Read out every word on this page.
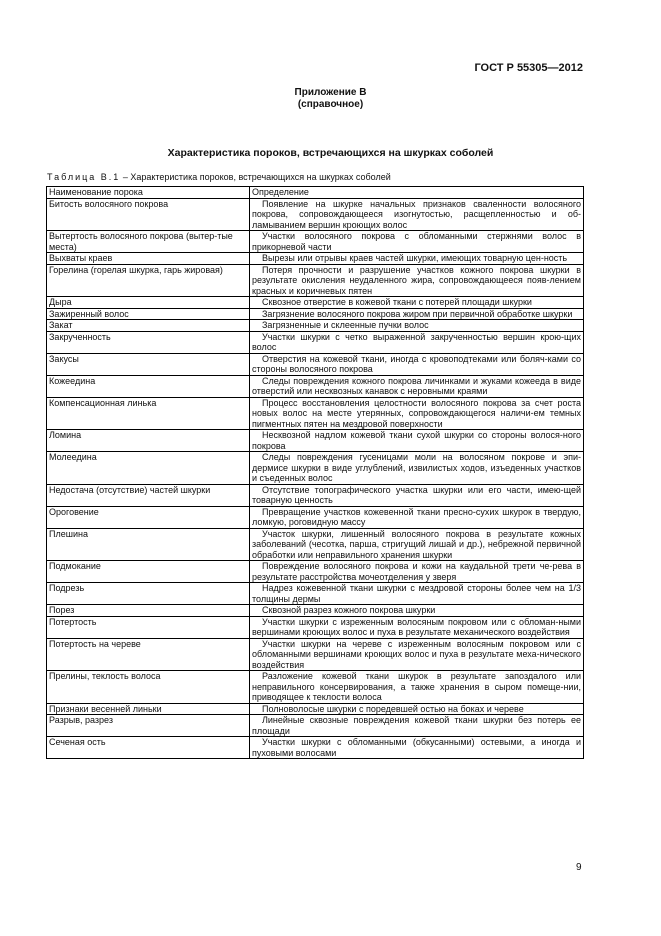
ГОСТ Р 55305—2012
Приложение В
(справочное)
Характеристика пороков, встречающихся на шкурках соболей
Таблица В.1 – Характеристика пороков, встречающихся на шкурках соболей
Наименование порока	Определение
Битость волосяного покрова	Появление на шкурке начальных признаков сваленности волосяного покрова, сопровождающееся изогнутостью, расщепленностью и об-ламыванием вершин кроющих волос

Вытертость волосяного покрова (вытер-тые места)	Участки волосяного покрова с обломанными стержнями волос в прикорневой части

Выхваты краев	Вырезы или отрывы краев частей шкурки, имеющих товарную цен-ность

Горелина (горелая шкурка, гарь жировая)	Потеря прочности и разрушение участков кожного покрова шкурки в результате окисления неудаленного жира, сопровождающееся появ-лением красных и коричневых пятен

Дыра	Сквозное отверстие в кожевой ткани с потерей площади шкурки

Зажиренный волос	Загрязнение волосяного покрова жиром при первичной обработке шкурки

Закат	Загрязненные и склеенные пучки волос

Закрученность	Участки шкурки с четко выраженной закрученностью вершин крою-щих волос

Закусы	Отверстия на кожевой ткани, иногда с кровоподтеками или боляч-ками со стороны волосяного покрова

Кожеедина	Следы повреждения кожного покрова личинками и жуками кожееда в виде отверстий или несквозных канавок с неровными краями

Компенсационная линька	Процесс восстановления целостности волосяного покрова за счет роста новых волос на месте утерянных, сопровождающегося наличи-ем темных пигментных пятен на мездровой поверхности

Ломина	Несквозной надлом кожевой ткани сухой шкурки со стороны волося-ного покрова

Молеедина	Следы повреждения гусеницами моли на волосяном покрове и эпи-дермисе шкурки в виде углублений, извилистых ходов, изъеденных участков и съеденных волос

Недостача (отсутствие) частей шкурки	Отсутствие топографического участка шкурки или его части, имею-щей товарную ценность

Ороговение	Превращение участков кожевенной ткани пресно-сухих шкурок в твердую, ломкую, роговидную массу

Плешина	Участок шкурки, лишенный волосяного покрова в результате кожных заболеваний (чесотка, парша, стригущий лишай и др.), небрежной первичной обработки или неправильного хранения шкурки

Подмокание	Повреждение волосяного покрова и кожи на каудальной трети че-рева в результате расстройства мочеотделения у зверя

Подрезь	Надрез кожевенной ткани шкурки с мездровой стороны более чем на 1/3 толщины дермы

Порез	Сквозной разрез кожного покрова шкурки

Потертость	Участки шкурки с изреженным волосяным покровом или с обломан-ными вершинами кроющих волос и пуха в результате механического воздействия

Потертость на череве	Участки шкурки на череве с изреженным волосяным покровом или с обломанными вершинами кроющих волос и пуха в результате меха-нического воздействия

Прелины, теклость волоса	Разложение кожевой ткани шкурок в результате запоздалого или неправильного консервирования, а также хранения в сыром помеще-нии, приводящее к теклости волоса

Признаки весенней линьки	Полноволосые шкурки с поредевшей остью на боках и череве

Разрыв, разрез	Линейные сквозные повреждения кожевой ткани шкурки без потерь ее площади

Сеченая ость	Участки шкурки с обломанными (обкусанными) остевыми, а иногда и пуховыми волосами
9
